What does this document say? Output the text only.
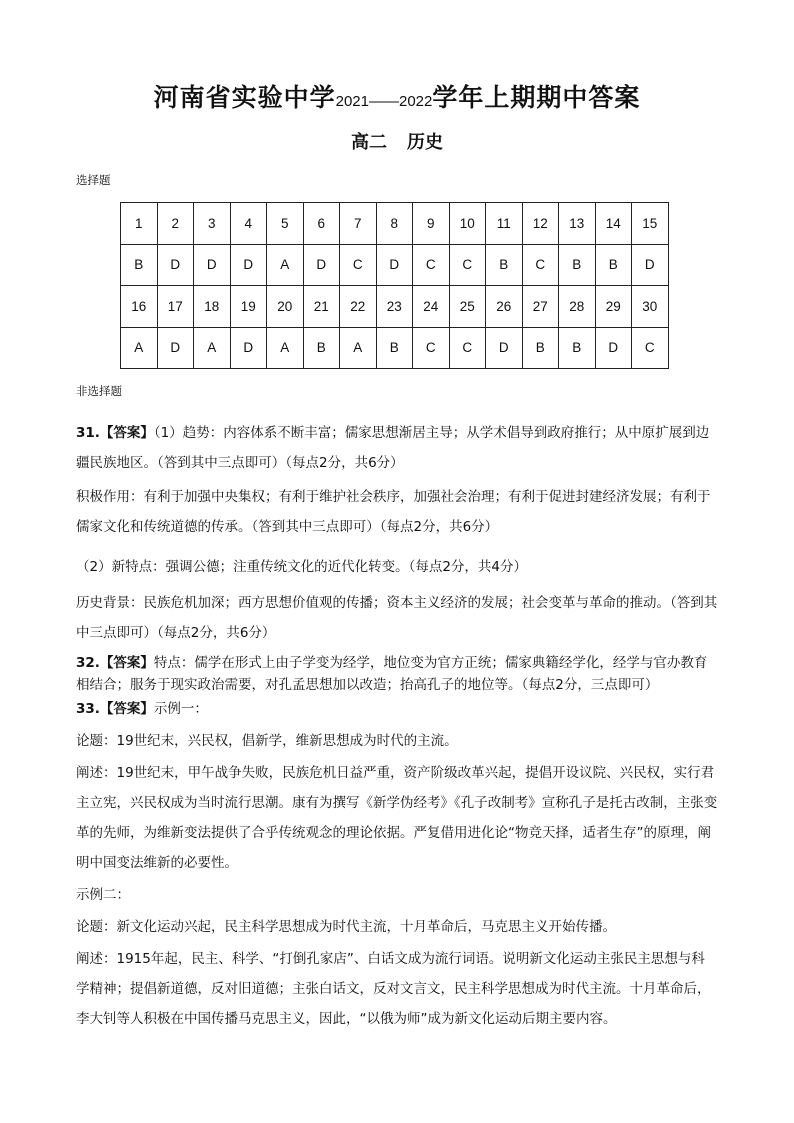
河南省实验中学2021——2022学年上期期中答案
高二 历史
选择题
1	2	3	4	5	6	7	8	9	10	11	12	13	14	15
B	D	D	D	A	D	C	D	C	C	B	C	B	B	D
16	17	18	19	20	21	22	23	24	25	26	27	28	29	30
A	D	A	D	A	B	A	B	C	C	D	B	B	D	C
非选择题
31.【答案】（1）趋势：内容体系不断丰富；儒家思想渐居主导；从学术倡导到政府推行；从中原扩展到边疆民族地区。（答到其中三点即可）（每点2分，共6分）
积极作用：有利于加强中央集权；有利于维护社会秩序，加强社会治理；有利于促进封建经济发展；有利于儒家文化和传统道德的传承。（答到其中三点即可）（每点2分，共6分）
（2）新特点：强调公德；注重传统文化的近代化转变。（每点2分，共4分）
历史背景：民族危机加深；西方思想价值观的传播；资本主义经济的发展；社会变革与革命的推动。（答到其中三点即可）（每点2分，共6分）
32.【答案】特点：儒学在形式上由子学变为经学，地位变为官方正统；儒家典籍经学化，经学与官办教育相结合；服务于现实政治需要，对孔孟思想加以改造；抬高孔子的地位等。（每点2分，三点即可）
33.【答案】示例一：
论题：19世纪末，兴民权，倡新学，维新思想成为时代的主流。
阐述：19世纪末，甲午战争失败，民族危机日益严重，资产阶级改革兴起，提倡开设议院、兴民权，实行君主立宪，兴民权成为当时流行思潮。康有为撰写《新学伪经考》《孔子改制考》宣称孔子是托古改制，主张变革的先师，为维新变法提供了合乎传统观念的理论依据。严复借用进化论“物竞天择，适者生存”的原理，阐明中国变法维新的必要性。
示例二：
论题：新文化运动兴起，民主科学思想成为时代主流，十月革命后，马克思主义开始传播。
阐述：1915年起，民主、科学、“打倒孔家店”、白话文成为流行词语。说明新文化运动主张民主思想与科学精神；提倡新道德，反对旧道德；主张白话文，反对文言文，民主科学思想成为时代主流。十月革命后，李大钊等人积极在中国传播马克思主义，因此，“以俄为师”成为新文化运动后期主要内容。
